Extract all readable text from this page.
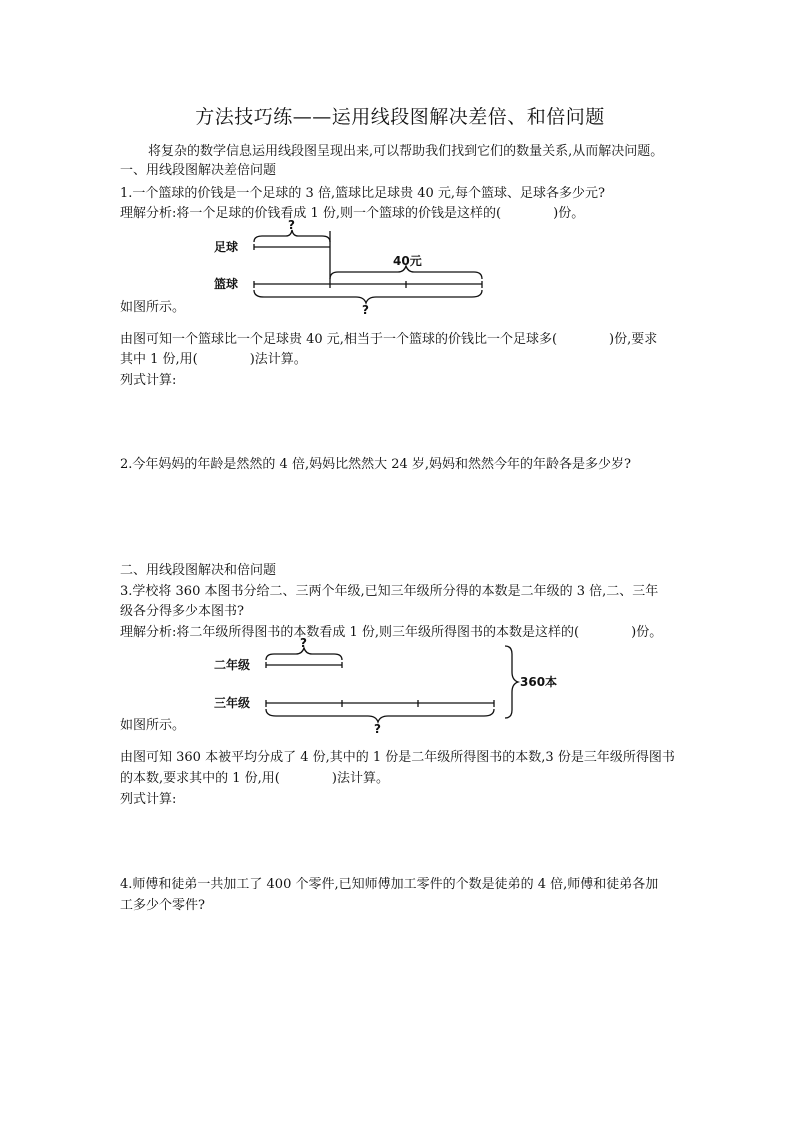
方法技巧练——运用线段图解决差倍、和倍问题
将复杂的数学信息运用线段图呈现出来,可以帮助我们找到它们的数量关系,从而解决问题。
一、用线段图解决差倍问题
1.一个篮球的价钱是一个足球的 3 倍,篮球比足球贵 40 元,每个篮球、足球各多少元?
理解分析:将一个足球的价钱看成 1 份,则一个篮球的价钱是这样的(　　　　)份。
足球
篮球
?
40元
?
二年级
三年级
?
360本
?
如图所示。
由图可知一个篮球比一个足球贵 40 元,相当于一个篮球的价钱比一个足球多(　　　　)份,要求
其中 1 份,用(　　　　)法计算。
列式计算:
2.今年妈妈的年龄是然然的 4 倍,妈妈比然然大 24 岁,妈妈和然然今年的年龄各是多少岁?
二、用线段图解决和倍问题
3.学校将 360 本图书分给二、三两个年级,已知三年级所分得的本数是二年级的 3 倍,二、三年
级各分得多少本图书?
理解分析:将二年级所得图书的本数看成 1 份,则三年级所得图书的本数是这样的(　　　　)份。
如图所示。
由图可知 360 本被平均分成了 4 份,其中的 1 份是二年级所得图书的本数,3 份是三年级所得图书
的本数,要求其中的 1 份,用(　　　　)法计算。
列式计算:
4.师傅和徒弟一共加工了 400 个零件,已知师傅加工零件的个数是徒弟的 4 倍,师傅和徒弟各加
工多少个零件?
